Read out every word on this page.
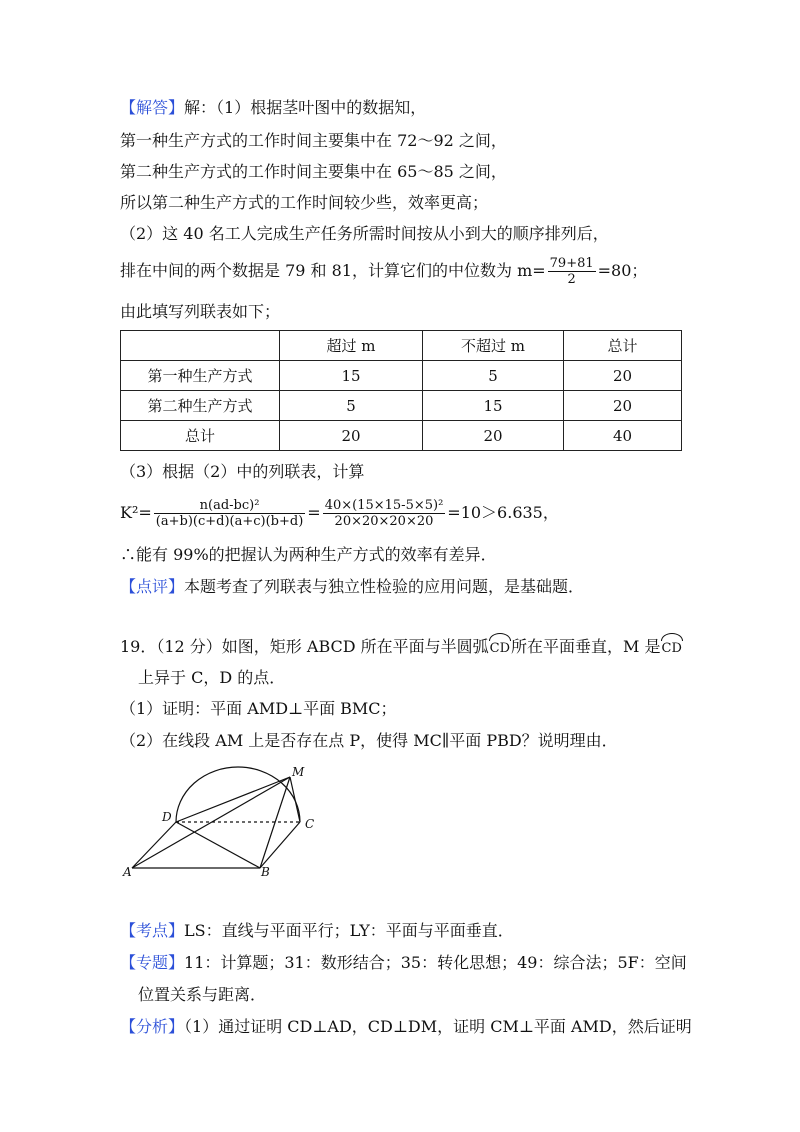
【解答】解：（1）根据茎叶图中的数据知，
第一种生产方式的工作时间主要集中在 72～92 之间，
第二种生产方式的工作时间主要集中在 65～85 之间，
所以第二种生产方式的工作时间较少些，效率更高；
（2）这 40 名工人完成生产任务所需时间按从小到大的顺序排列后，
排在中间的两个数据是 79 和 81，计算它们的中位数为 $m= \frac{79+81}{2} =80$；
由此填写列联表如下；
	超过 m	不超过 m	总计
第一种生产方式	15	5	20
第二种生产方式	5	15	20
总计	20	20	40
（3）根据（2）中的列联表，计算
$K^2= \frac{\text{n(ad-bc)²}}{(a+b)(c+d)(a+c)(b+d)} = \frac{\text{40×(15×15-5×5)²}}{20\times 20\times 20\times 20} =10>6.635$，
∴能有 99%的把握认为两种生产方式的效率有差异．
【点评】本题考查了列联表与独立性检验的应用问题，是基础题．
19．（12 分）如图，矩形 ABCD 所在平面与半圆弧CD所在平面垂直，M 是CD
上异于 C，D 的点．
（1）证明：平面 AMD⊥平面 BMC；
（2）在线段 AM 上是否存在点 P，使得 MC∥平面 PBD？说明理由．
M
D	C
A	B
【考点】LS：直线与平面平行；LY：平面与平面垂直．
【专题】11：计算题；31：数形结合；35：转化思想；49：综合法；5F：空间
位置关系与距离．
【分析】（1）通过证明 CD⊥AD，CD⊥DM，证明 CM⊥平面 AMD，然后证明
